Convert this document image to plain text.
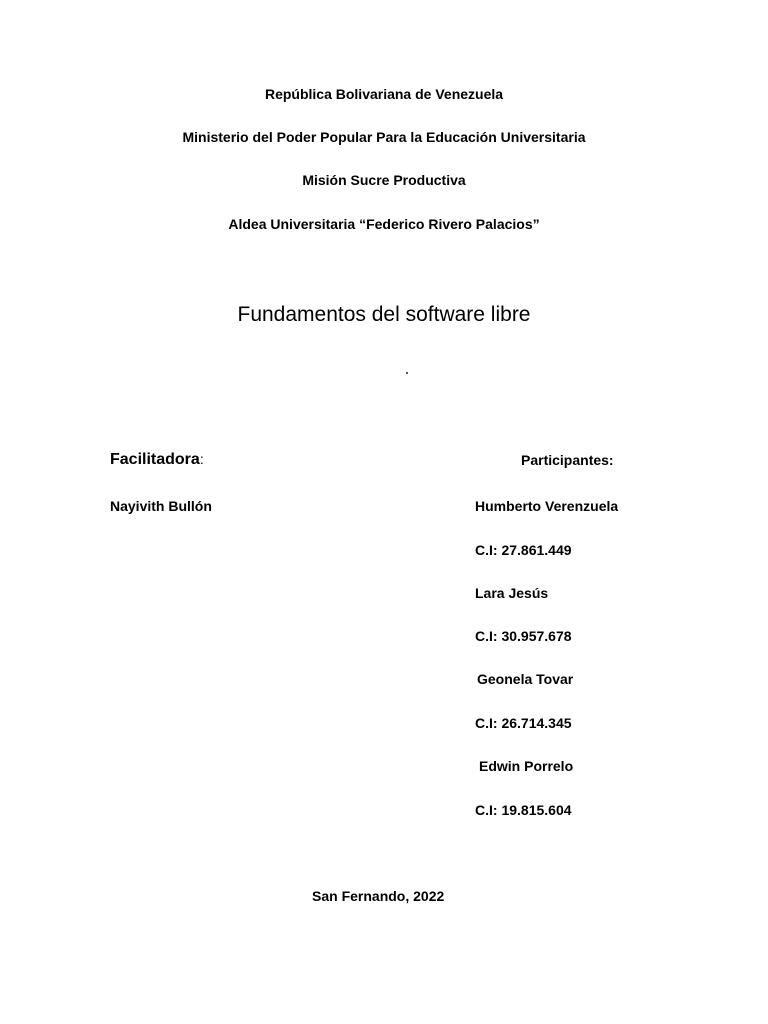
República Bolivariana de Venezuela
Ministerio del Poder Popular Para la Educación Universitaria
Misión Sucre Productiva
Aldea Universitaria “Federico Rivero Palacios”
Fundamentos del software libre
Facilitadora:	Participantes:
Nayivith Bullón	Humberto Verenzuela
C.I: 27.861.449
Lara Jesús
C.I: 30.957.678
Geonela Tovar
C.I: 26.714.345
Edwin Porrelo
C.I: 19.815.604
San Fernando, 2022
